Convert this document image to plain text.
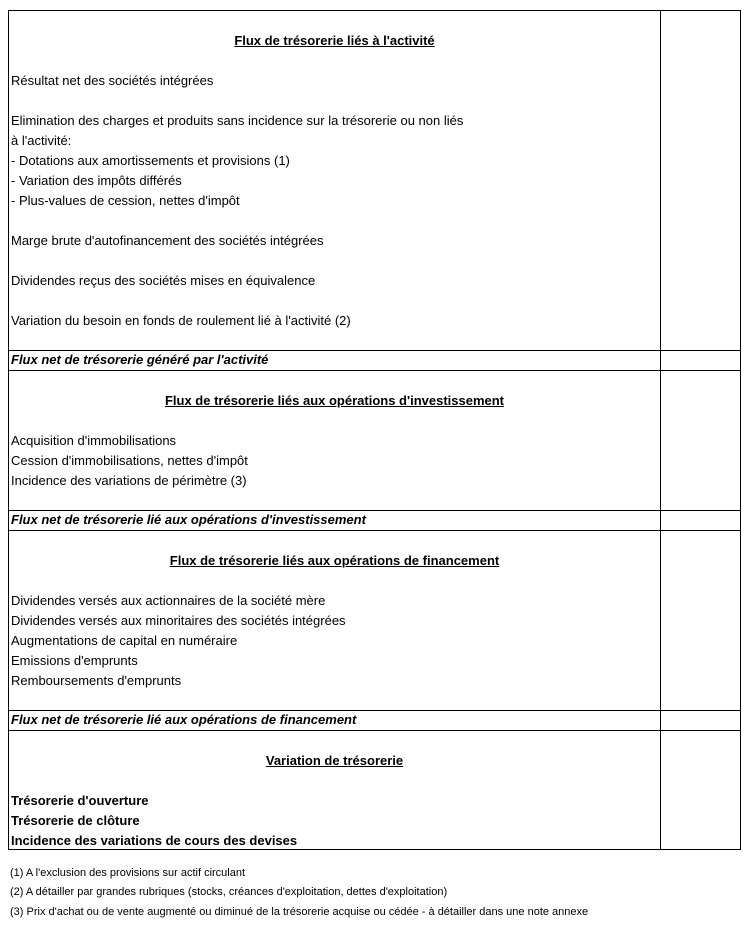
Flux de trésorerie liés à l'activité
Résultat net des sociétés intégrées
Elimination des charges et produits sans incidence sur la trésorerie ou non liés
à l'activité:
- Dotations aux amortissements et provisions (1)
- Variation des impôts différés
- Plus-values de cession, nettes d'impôt
Marge brute d'autofinancement des sociétés intégrées
Dividendes reçus des sociétés mises en équivalence
Variation du besoin en fonds de roulement lié à l'activité (2)
Flux net de trésorerie généré par l'activité
Flux de trésorerie liés aux opérations d'investissement
Acquisition d'immobilisations
Cession d'immobilisations, nettes d'impôt
Incidence des variations de périmètre (3)
Flux net de trésorerie lié aux opérations d'investissement
Flux de trésorerie liés aux opérations de financement
Dividendes versés aux actionnaires de la société mère
Dividendes versés aux minoritaires des sociétés intégrées
Augmentations de capital en numéraire
Emissions d'emprunts
Remboursements d'emprunts
Flux net de trésorerie lié aux opérations de financement
Variation de trésorerie
Trésorerie d'ouverture
Trésorerie de clôture
Incidence des variations de cours des devises
(1) A l'exclusion des provisions sur actif circulant
(2) A détailler par grandes rubriques (stocks, créances d'exploitation, dettes d'exploitation)
(3) Prix d'achat ou de vente augmenté ou diminué de la trésorerie acquise ou cédée - à détailler dans une note annexe
